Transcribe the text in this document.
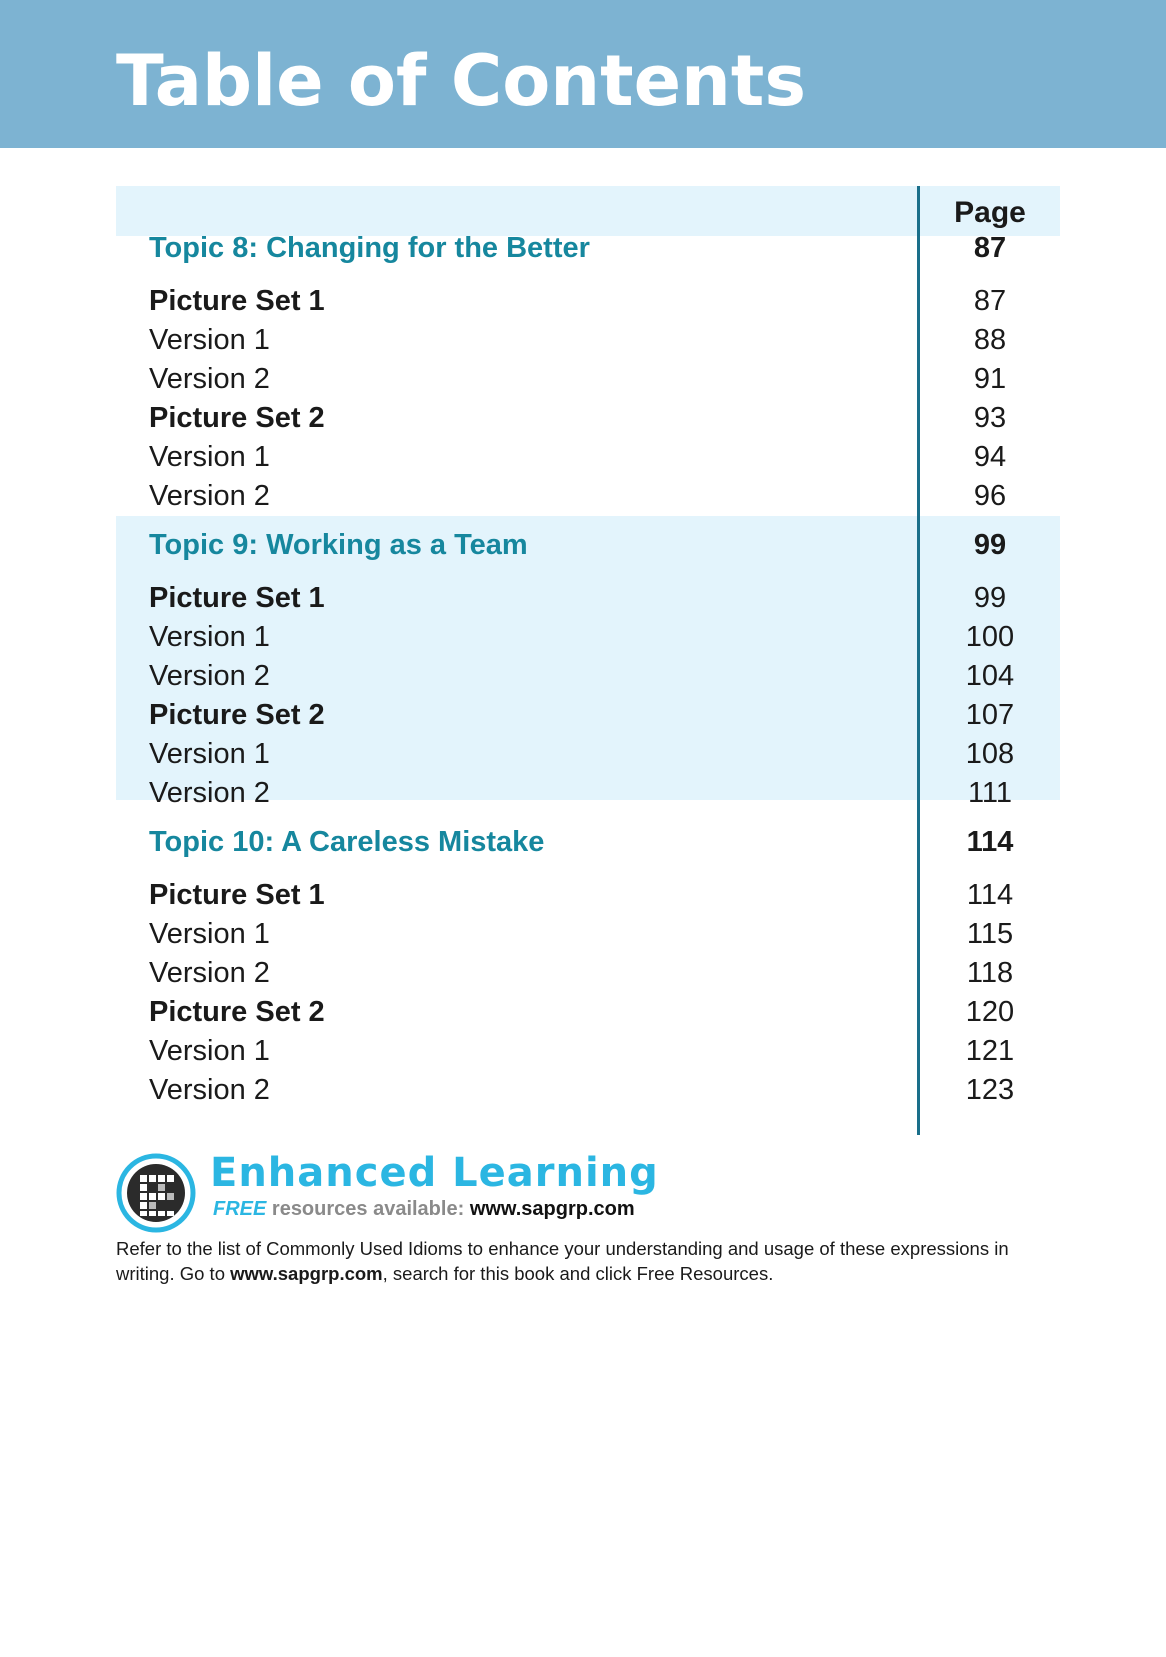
Table of Contents
Page
Topic 8: Changing for the Better	87
Picture Set 1	87
Version 1	88
Version 2	91
Picture Set 2	93
Version 1	94
Version 2	96
Topic 9: Working as a Team	99
Picture Set 1	99
Version 1	100
Version 2	104
Picture Set 2	107
Version 1	108
Version 2	111
Topic 10: A Careless Mistake	114
Picture Set 1	114
Version 1	115
Version 2	118
Picture Set 2	120
Version 1	121
Version 2	123
Enhanced Learning
FREE resources available: www.sapgrp.com
Refer to the list of Commonly Used Idioms to enhance your understanding and usage of these expressions in writing. Go to www.sapgrp.com, search for this book and click Free Resources.
